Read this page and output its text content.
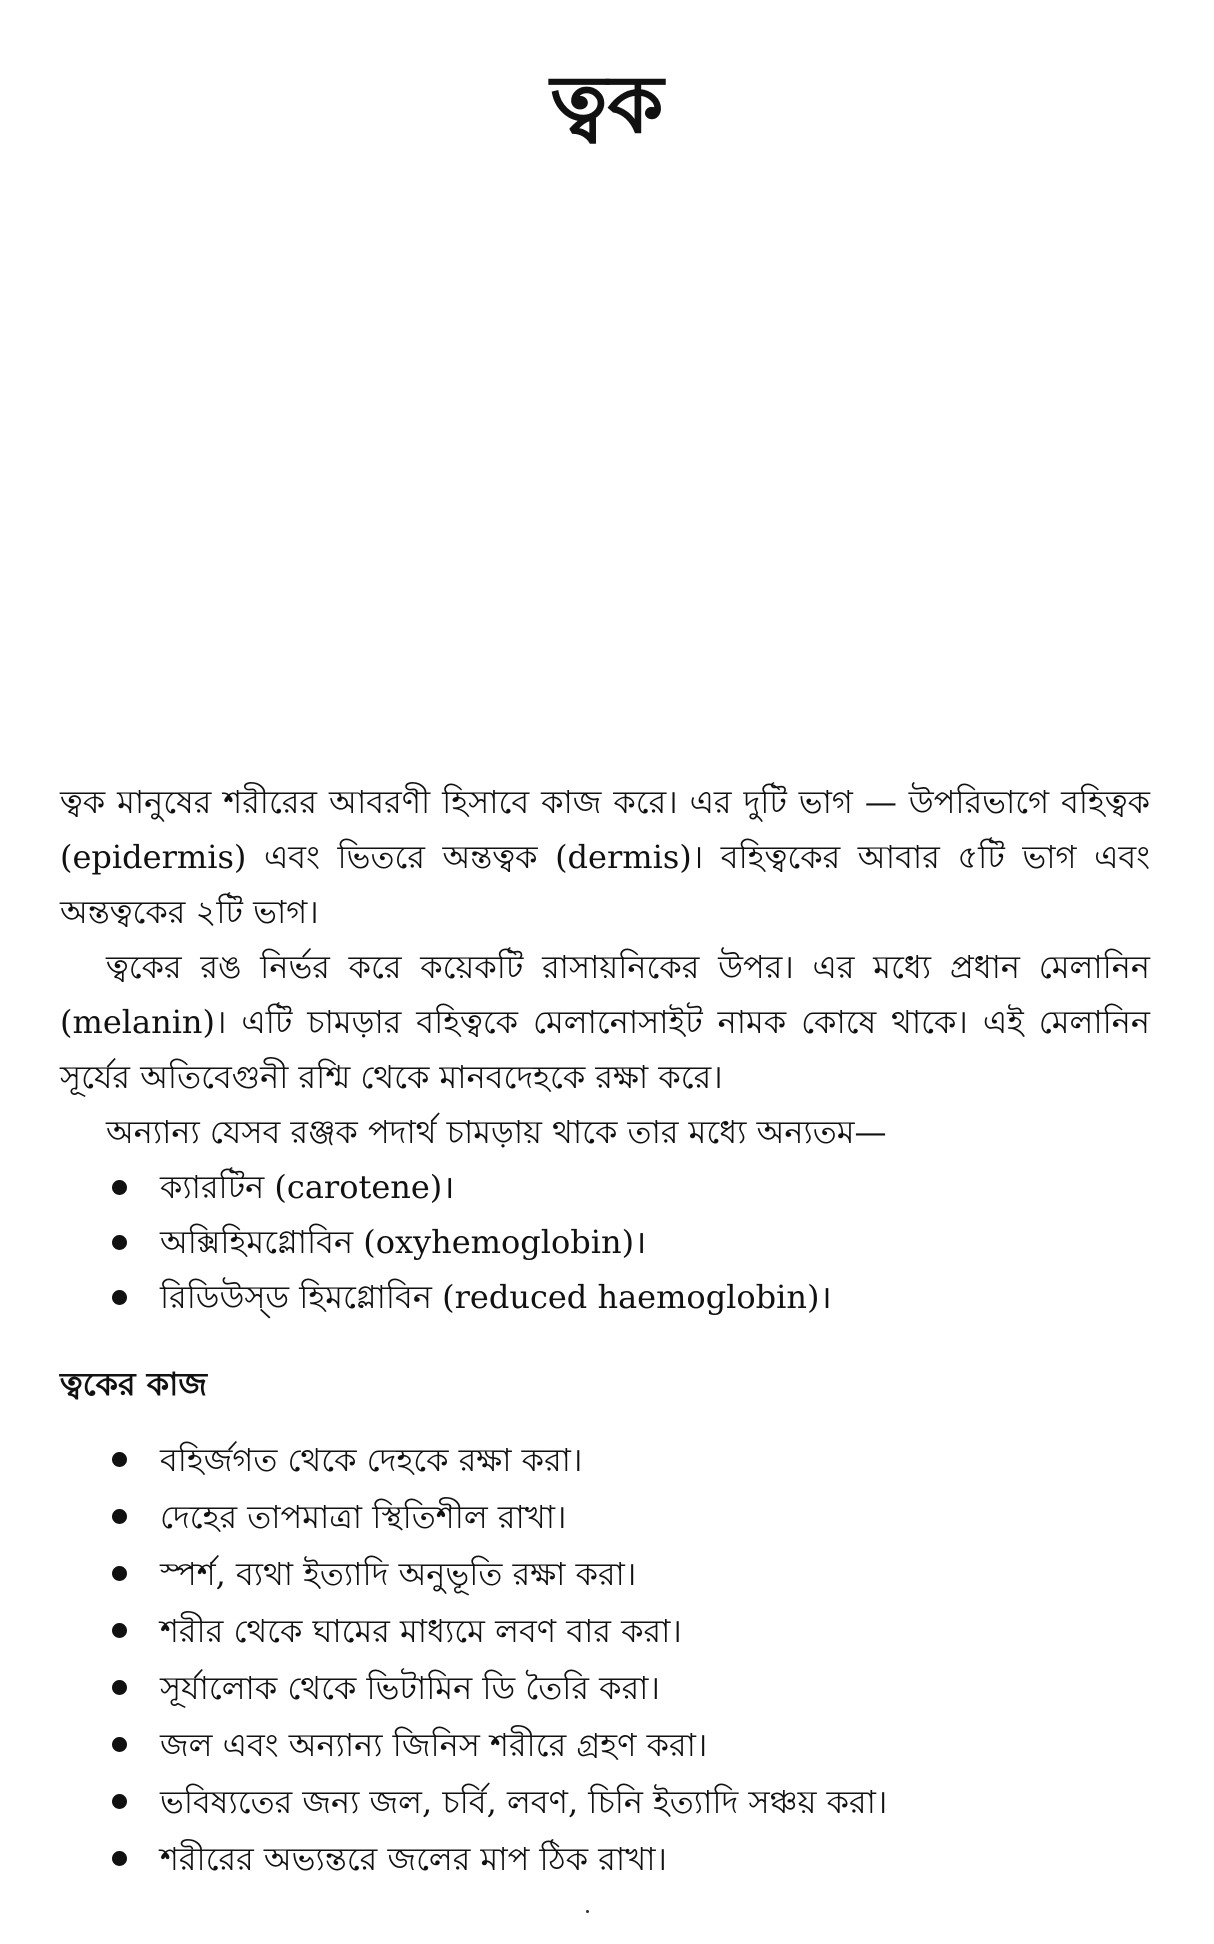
ত্বক

ত্বক মানুষের শরীরের আবরণী হিসাবে কাজ করে। এর দুটি ভাগ — উপরিভাগে বহিত্বক (epidermis) এবং ভিতরে অন্তত্বক (dermis)। বহিত্বকের আবার ৫টি ভাগ এবং অন্তত্বকের ২টি ভাগ।

ত্বকের রঙ নির্ভর করে কয়েকটি রাসায়নিকের উপর। এর মধ্যে প্রধান মেলানিন (melanin)। এটি চামড়ার বহিত্বকে মেলানোসাইট নামক কোষে থাকে। এই মেলানিন সূর্যের অতিবেগুনী রশ্মি থেকে মানবদেহকে রক্ষা করে।

অন্যান্য যেসব রঞ্জক পদার্থ চামড়ায় থাকে তার মধ্যে অন্যতম—

ক্যারটিন (carotene)।
অক্সিহিমগ্লোবিন (oxyhemoglobin)।
রিডিউস্‌ড হিমগ্লোবিন (reduced haemoglobin)।
ত্বকের কাজ
বহির্জগত থেকে দেহকে রক্ষা করা।
দেহের তাপমাত্রা স্থিতিশীল রাখা।
স্পর্শ, ব্যথা ইত্যাদি অনুভূতি রক্ষা করা।
শরীর থেকে ঘামের মাধ্যমে লবণ বার করা।
সূর্যালোক থেকে ভিটামিন ডি তৈরি করা।
জল এবং অন্যান্য জিনিস শরীরে গ্রহণ করা।
ভবিষ্যতের জন্য জল, চর্বি, লবণ, চিনি ইত্যাদি সঞ্চয় করা।
শরীরের অভ্যন্তরে জলের মাপ ঠিক রাখা।
